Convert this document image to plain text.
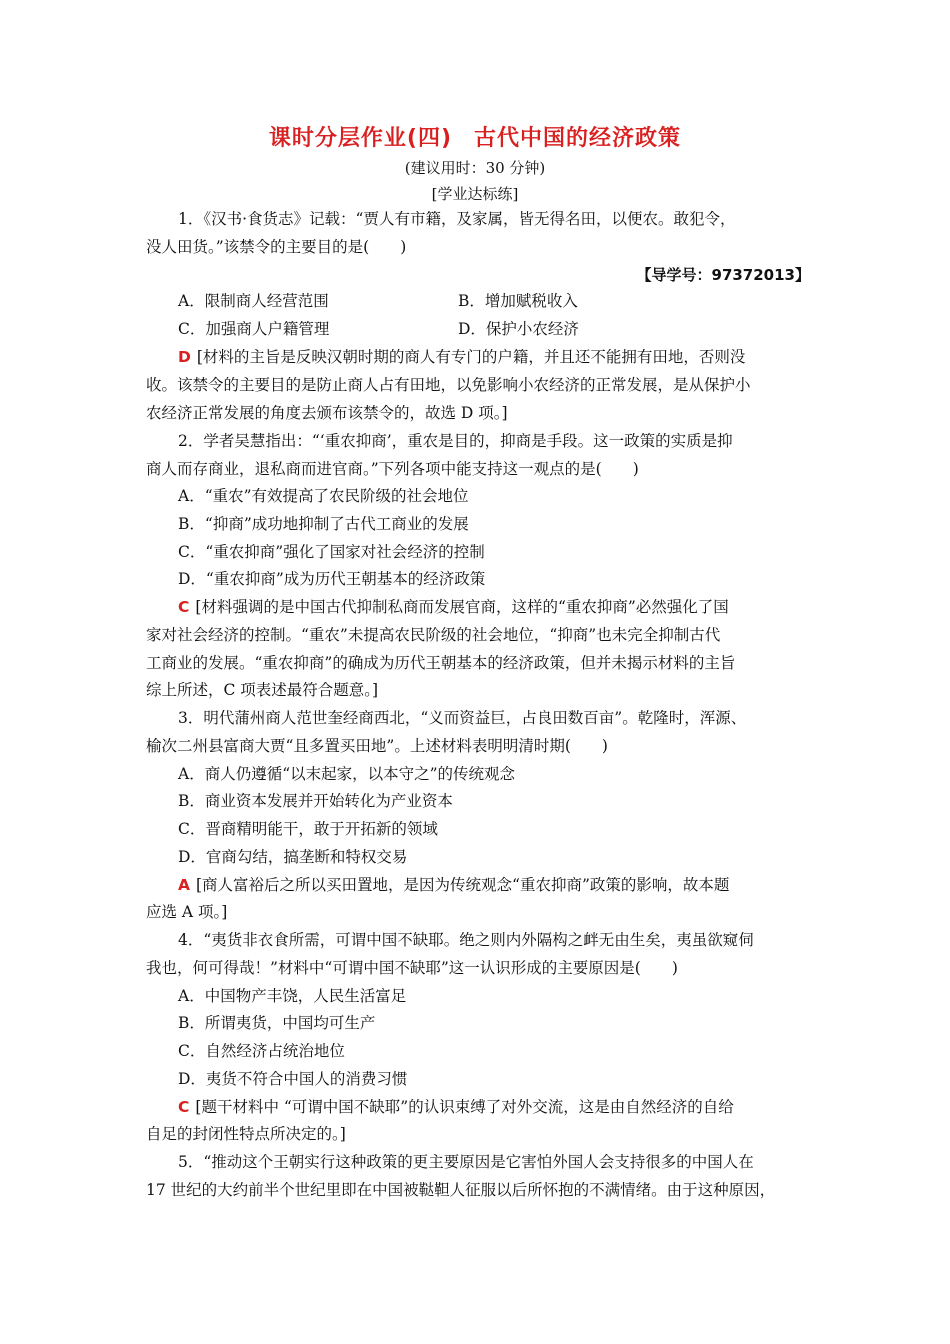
课时分层作业(四) 古代中国的经济政策
(建议用时：30 分钟)
[学业达标练]
1．《汉书·食货志》记载：“贾人有市籍，及家属，皆无得名田，以便农。敢犯令，
没人田货。”该禁令的主要目的是(　　)
【导学号：97372013】
A．限制商人经营范围	B．增加赋税收入
C．加强商人户籍管理	D．保护小农经济
D [材料的主旨是反映汉朝时期的商人有专门的户籍，并且还不能拥有田地，否则没
收。该禁令的主要目的是防止商人占有田地，以免影响小农经济的正常发展，是从保护小
农经济正常发展的角度去颁布该禁令的，故选 D 项。]
2．学者吴慧指出：“‘重农抑商’，重农是目的，抑商是手段。这一政策的实质是抑
商人而存商业，退私商而进官商。”下列各项中能支持这一观点的是(　　)
A．“重农”有效提高了农民阶级的社会地位
B．“抑商”成功地抑制了古代工商业的发展
C．“重农抑商”强化了国家对社会经济的控制
D．“重农抑商”成为历代王朝基本的经济政策
C [材料强调的是中国古代抑制私商而发展官商，这样的“重农抑商”必然强化了国
家对社会经济的控制。“重农”未提高农民阶级的社会地位，“抑商”也未完全抑制古代
工商业的发展。“重农抑商”的确成为历代王朝基本的经济政策，但并未揭示材料的主旨
综上所述，C 项表述最符合题意。]
3．明代蒲州商人范世奎经商西北，“义而资益巨，占良田数百亩”。乾隆时，浑源、
榆次二州县富商大贾“且多置买田地”。上述材料表明明清时期(　　)
A．商人仍遵循“以末起家，以本守之”的传统观念
B．商业资本发展并开始转化为产业资本
C．晋商精明能干，敢于开拓新的领域
D．官商勾结，搞垄断和特权交易
A [商人富裕后之所以买田置地，是因为传统观念“重农抑商”政策的影响，故本题
应选 A 项。]
4．“夷货非衣食所需，可谓中国不缺耶。绝之则内外隔构之衅无由生矣，夷虽欲窥伺
我也，何可得哉！”材料中“可谓中国不缺耶”这一认识形成的主要原因是(　　)
A．中国物产丰饶，人民生活富足
B．所谓夷货，中国均可生产
C．自然经济占统治地位
D．夷货不符合中国人的消费习惯
C [题干材料中 “可谓中国不缺耶”的认识束缚了对外交流，这是由自然经济的自给
自足的封闭性特点所决定的。]
5．“推动这个王朝实行这种政策的更主要原因是它害怕外国人会支持很多的中国人在
17 世纪的大约前半个世纪里即在中国被鞑靼人征服以后所怀抱的不满情绪。由于这种原因，
